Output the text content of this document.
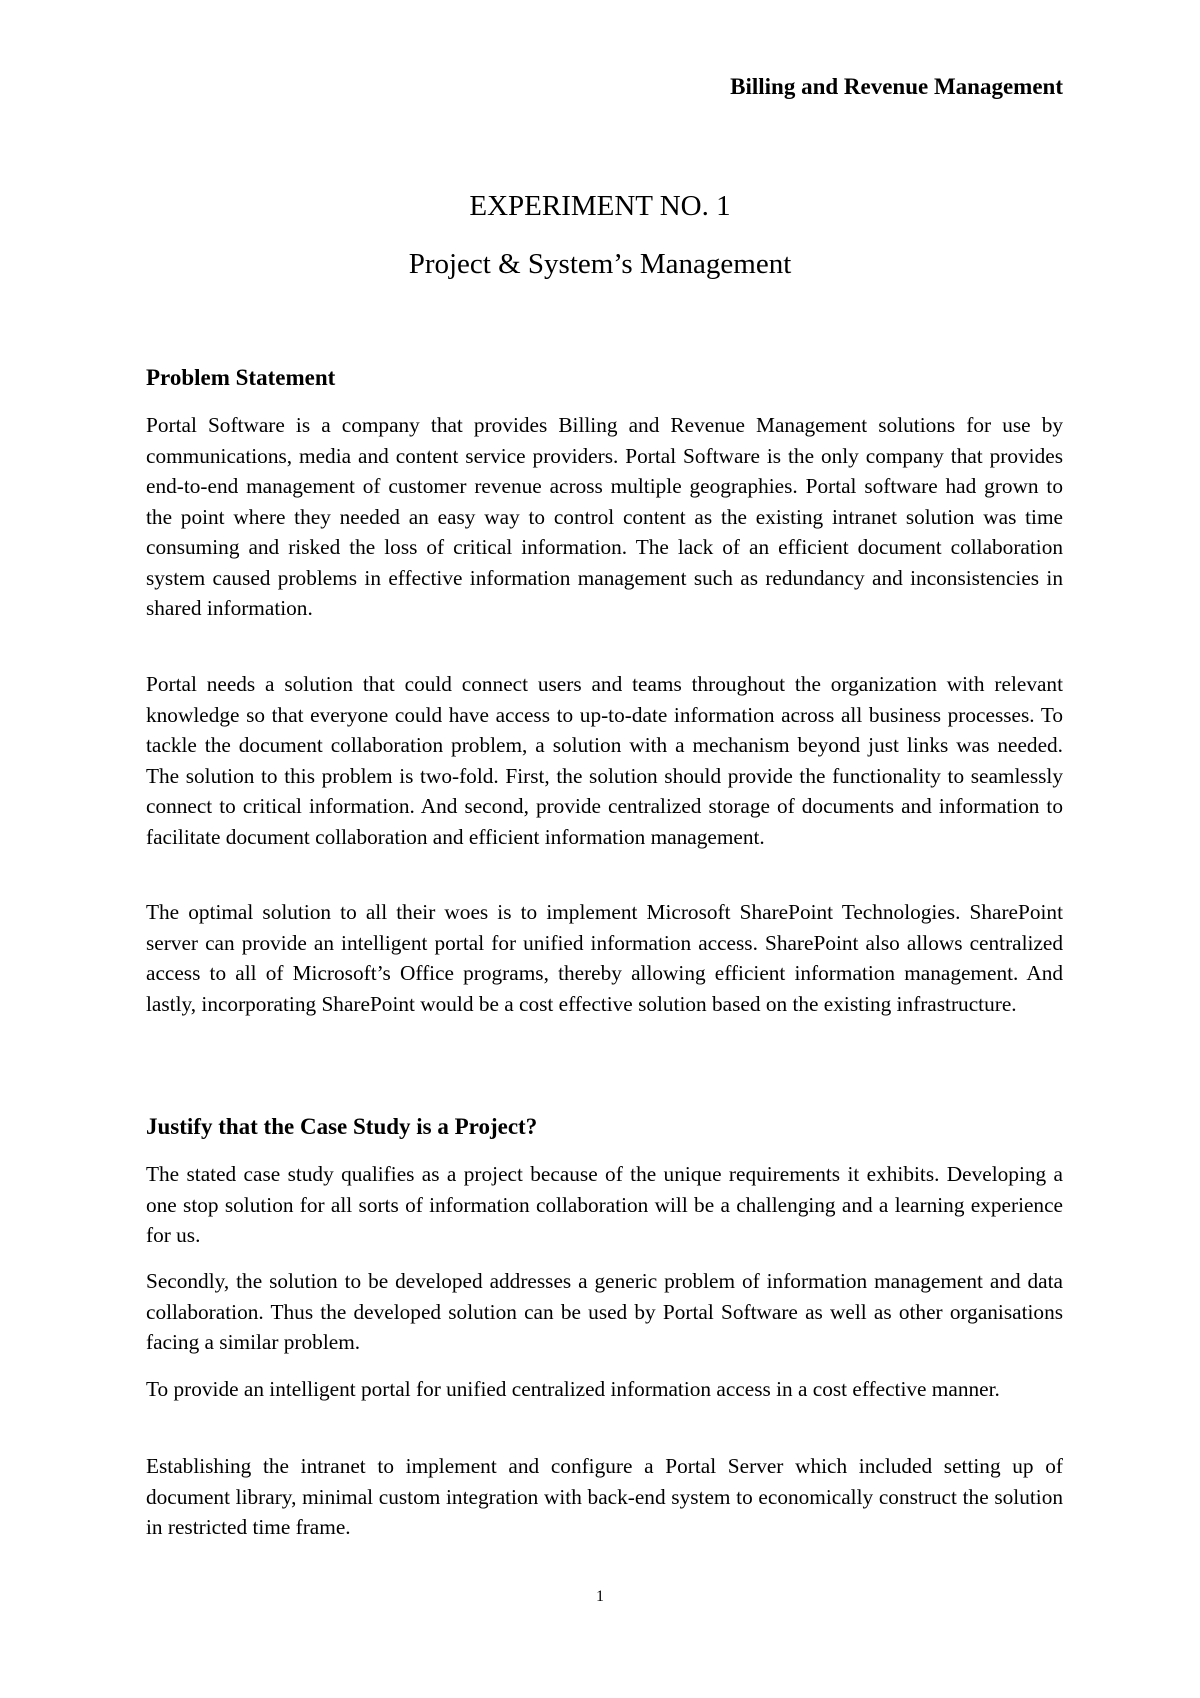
Billing and Revenue Management
EXPERIMENT NO. 1
Project & System’s Management
Problem Statement

Portal Software is a company that provides Billing and Revenue Management solutions for use by communications, media and content service providers. Portal Software is the only company that provides end-to-end management of customer revenue across multiple geographies. Portal software had grown to the point where they needed an easy way to control content as the existing intranet solution was time consuming and risked the loss of critical information. The lack of an efficient document collaboration system caused problems in effective information management such as redundancy and inconsistencies in shared information.

Portal needs a solution that could connect users and teams throughout the organization with relevant knowledge so that everyone could have access to up-to-date information across all business processes. To tackle the document collaboration problem, a solution with a mechanism beyond just links was needed. The solution to this problem is two-fold. First, the solution should provide the functionality to seamlessly connect to critical information. And second, provide centralized storage of documents and information to facilitate document collaboration and efficient information management.

The optimal solution to all their woes is to implement Microsoft SharePoint Technologies. SharePoint server can provide an intelligent portal for unified information access. SharePoint also allows centralized access to all of Microsoft’s Office programs, thereby allowing efficient information management. And lastly, incorporating SharePoint would be a cost effective solution based on the existing infrastructure.

Justify that the Case Study is a Project?

The stated case study qualifies as a project because of the unique requirements it exhibits. Developing a one stop solution for all sorts of information collaboration will be a challenging and a learning experience for us.

Secondly, the solution to be developed addresses a generic problem of information management and data collaboration. Thus the developed solution can be used by Portal Software as well as other organisations facing a similar problem.

To provide an intelligent portal for unified centralized information access in a cost effective manner.

Establishing the intranet to implement and configure a Portal Server which included setting up of document library, minimal custom integration with back-end system to economically construct the solution in restricted time frame.

1
